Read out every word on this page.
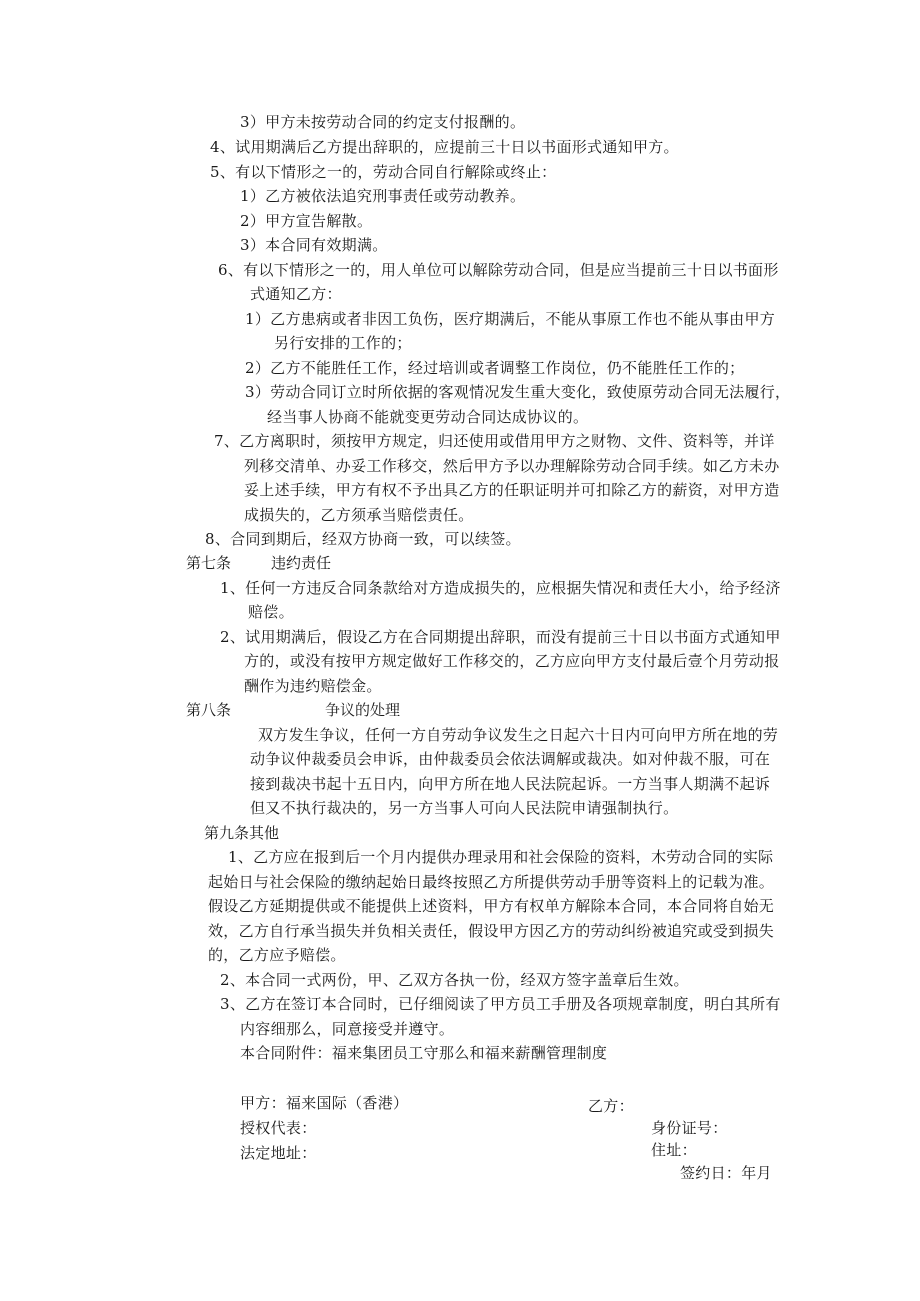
3）甲方未按劳动合同的约定支付报酬的。
4、试用期满后乙方提出辞职的，应提前三十日以书面形式通知甲方。
5、有以下情形之一的，劳动合同自行解除或终止：
1）乙方被依法追究刑事责任或劳动教养。
2）甲方宣告解散。
3）本合同有效期满。
6、有以下情形之一的，用人单位可以解除劳动合同，但是应当提前三十日以书面形
式通知乙方：
1）乙方患病或者非因工负伤，医疗期满后，不能从事原工作也不能从事由甲方
另行安排的工作的；
2）乙方不能胜任工作，经过培训或者调整工作岗位，仍不能胜任工作的；
3）劳动合同订立时所依据的客观情况发生重大变化，致使原劳动合同无法履行，
经当事人协商不能就变更劳动合同达成协议的。
7、乙方离职时，须按甲方规定，归还使用或借用甲方之财物、文件、资料等，并详
列移交清单、办妥工作移交，然后甲方予以办理解除劳动合同手续。如乙方未办
妥上述手续，甲方有权不予出具乙方的任职证明并可扣除乙方的薪资，对甲方造
成损失的，乙方须承当赔偿责任。
8、合同到期后，经双方协商一致，可以续签。
第七条	违约责任
1、任何一方违反合同条款给对方造成损失的，应根据失情况和责任大小，给予经济
赔偿。
2、试用期满后，假设乙方在合同期提出辞职，而没有提前三十日以书面方式通知甲
方的，或没有按甲方规定做好工作移交的，乙方应向甲方支付最后壹个月劳动报
酬作为违约赔偿金。
第八条	争议的处理
双方发生争议，任何一方自劳动争议发生之日起六十日内可向甲方所在地的劳
动争议仲裁委员会申诉，由仲裁委员会依法调解或裁决。如对仲裁不服，可在
接到裁决书起十五日内，向甲方所在地人民法院起诉。一方当事人期满不起诉
但又不执行裁决的，另一方当事人可向人民法院申请强制执行。
第九条其他
1、乙方应在报到后一个月内提供办理录用和社会保险的资料，木劳动合同的实际
起始日与社会保险的缴纳起始日最终按照乙方所提供劳动手册等资料上的记载为准。
假设乙方延期提供或不能提供上述资料，甲方有权单方解除本合同，本合同将自始无
效，乙方自行承当损失并负相关责任，假设甲方因乙方的劳动纠纷被追究或受到损失
的，乙方应予赔偿。
2、本合同一式两份，甲、乙双方各执一份，经双方签字盖章后生效。
3、乙方在签订本合同时，已仔细阅读了甲方员工手册及各项规章制度，明白其所有
内容细那么，同意接受并遵守。
本合同附件：福来集团员工守那么和福来薪酬管理制度
甲方：福来国际（香港）	乙方：
授权代表：	身份证号：
法定地址：	住址：
签约日：年月
